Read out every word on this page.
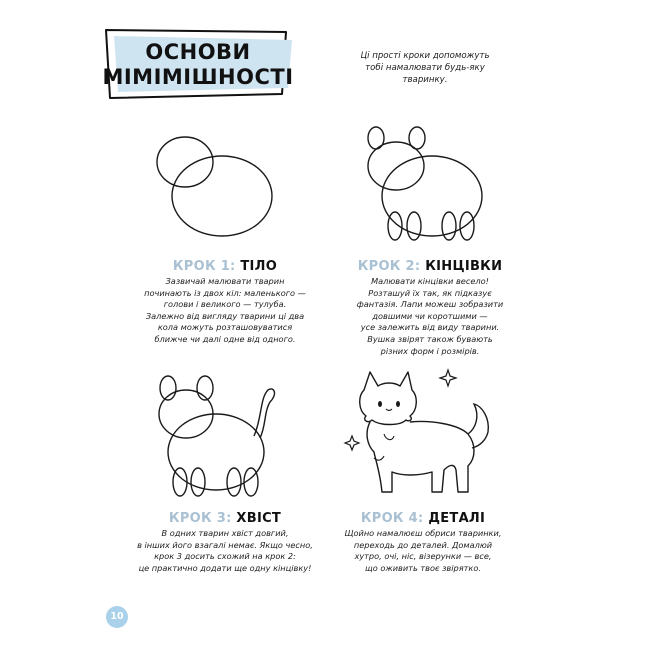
ОСНОВИ
МІМІМІШНОСТІ
Ці прості кроки допоможуть
тобі намалювати будь-яку
тваринку.
КРОК 1: ТІЛО
Зазвичай малювати тварин
починають із двох кіл: маленького —
голови і великого — тулуба.
Залежно від вигляду тварини ці два
кола можуть розташовуватися
ближче чи далі одне від одного.
КРОК 2: КІНЦІВКИ
Малювати кінцівки весело!
Розташуй їх так, як підказує
фантазія. Лапи можеш зобразити
довшими чи коротшими —
усе залежить від виду тварини.
Вушка звірят також бувають
різних форм і розмірів.
КРОК 3: ХВІСТ
В одних тварин хвіст довгий,
в інших його взагалі немає. Якщо чесно,
крок 3 досить схожий на крок 2:
це практично додати ще одну кінцівку!
КРОК 4: ДЕТАЛІ
Щойно намалюєш обриси тваринки,
переходь до деталей. Домалюй
хутро, очі, ніс, візерунки — все,
що оживить твоє звірятко.
10
